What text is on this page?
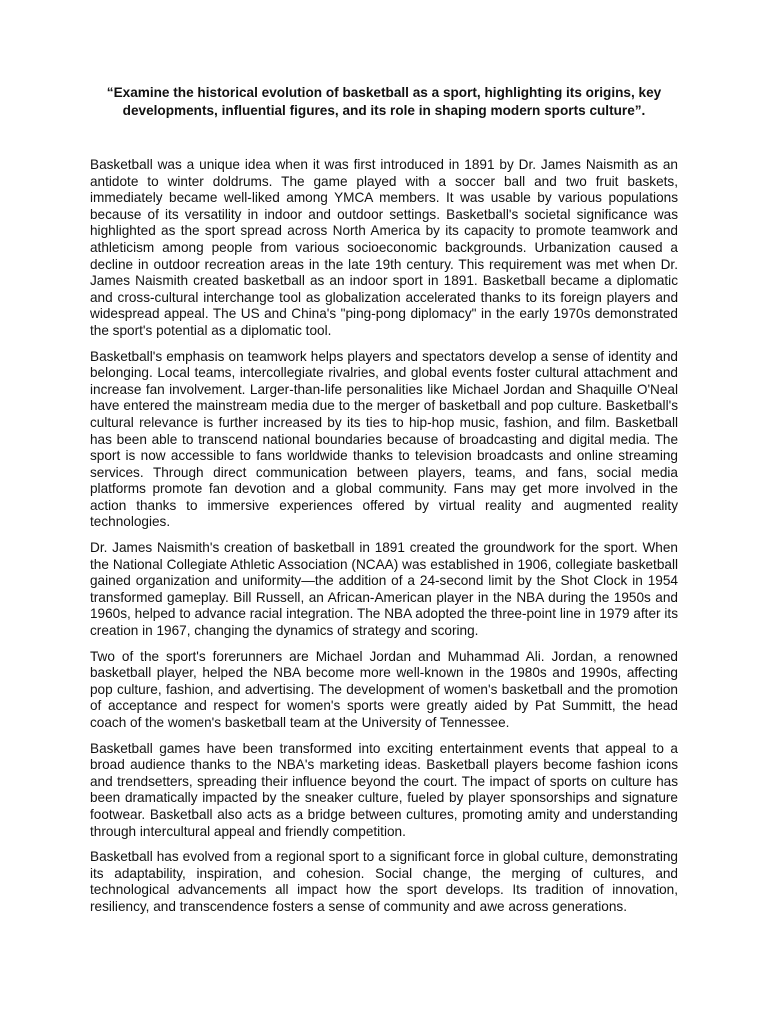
“Examine the historical evolution of basketball as a sport, highlighting its origins, key developments, influential figures, and its role in shaping modern sports culture”.

Basketball was a unique idea when it was first introduced in 1891 by Dr. James Naismith as an antidote to winter doldrums. The game played with a soccer ball and two fruit baskets, immediately became well-liked among YMCA members. It was usable by various populations because of its versatility in indoor and outdoor settings. Basketball's societal significance was highlighted as the sport spread across North America by its capacity to promote teamwork and athleticism among people from various socioeconomic backgrounds. Urbanization caused a decline in outdoor recreation areas in the late 19th century. This requirement was met when Dr. James Naismith created basketball as an indoor sport in 1891. Basketball became a diplomatic and cross-cultural interchange tool as globalization accelerated thanks to its foreign players and widespread appeal. The US and China's "ping-pong diplomacy" in the early 1970s demonstrated the sport's potential as a diplomatic tool.

Basketball's emphasis on teamwork helps players and spectators develop a sense of identity and belonging. Local teams, intercollegiate rivalries, and global events foster cultural attachment and increase fan involvement. Larger-than-life personalities like Michael Jordan and Shaquille O'Neal have entered the mainstream media due to the merger of basketball and pop culture. Basketball's cultural relevance is further increased by its ties to hip-hop music, fashion, and film. Basketball has been able to transcend national boundaries because of broadcasting and digital media. The sport is now accessible to fans worldwide thanks to television broadcasts and online streaming services. Through direct communication between players, teams, and fans, social media platforms promote fan devotion and a global community. Fans may get more involved in the action thanks to immersive experiences offered by virtual reality and augmented reality technologies.

Dr. James Naismith's creation of basketball in 1891 created the groundwork for the sport. When the National Collegiate Athletic Association (NCAA) was established in 1906, collegiate basketball gained organization and uniformity—the addition of a 24-second limit by the Shot Clock in 1954 transformed gameplay. Bill Russell, an African-American player in the NBA during the 1950s and 1960s, helped to advance racial integration. The NBA adopted the three-point line in 1979 after its creation in 1967, changing the dynamics of strategy and scoring.

Two of the sport's forerunners are Michael Jordan and Muhammad Ali. Jordan, a renowned basketball player, helped the NBA become more well-known in the 1980s and 1990s, affecting pop culture, fashion, and advertising. The development of women's basketball and the promotion of acceptance and respect for women's sports were greatly aided by Pat Summitt, the head coach of the women's basketball team at the University of Tennessee.

Basketball games have been transformed into exciting entertainment events that appeal to a broad audience thanks to the NBA's marketing ideas. Basketball players become fashion icons and trendsetters, spreading their influence beyond the court. The impact of sports on culture has been dramatically impacted by the sneaker culture, fueled by player sponsorships and signature footwear. Basketball also acts as a bridge between cultures, promoting amity and understanding through intercultural appeal and friendly competition.

Basketball has evolved from a regional sport to a significant force in global culture, demonstrating its adaptability, inspiration, and cohesion. Social change, the merging of cultures, and technological advancements all impact how the sport develops. Its tradition of innovation, resiliency, and transcendence fosters a sense of community and awe across generations.
